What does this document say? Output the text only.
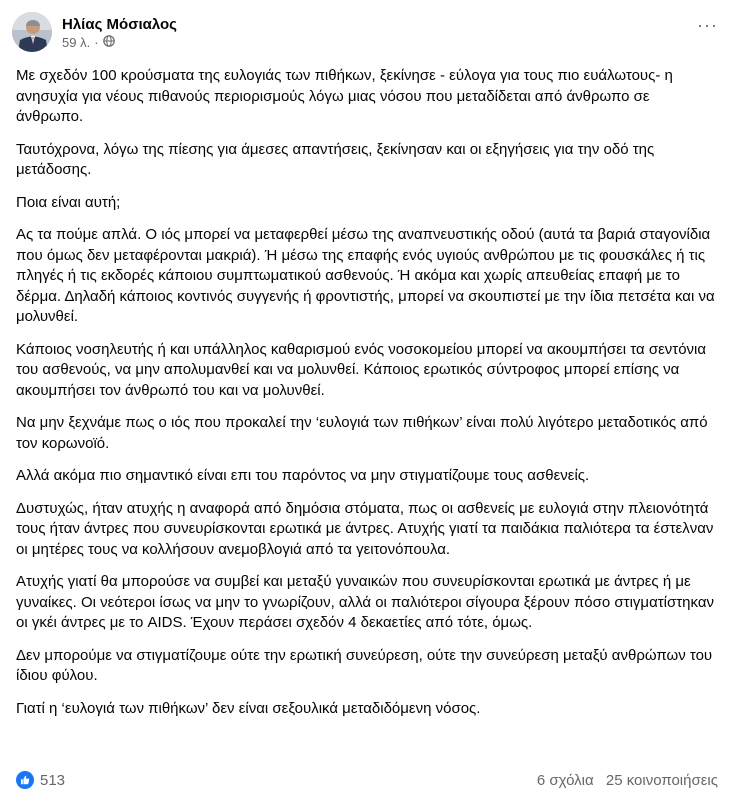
Ηλίας Μόσιαλος
59 λ. ·
···

Με σχεδόν 100 κρούσματα της ευλογιάς των πιθήκων, ξεκίνησε - εύλογα για τους πιο ευάλωτους- η ανησυχία για νέους πιθανούς περιορισμούς λόγω μιας νόσου που μεταδίδεται από άνθρωπο σε άνθρωπο.

Ταυτόχρονα, λόγω της πίεσης για άμεσες απαντήσεις, ξεκίνησαν και οι εξηγήσεις για την οδό της μετάδοσης.

Ποια είναι αυτή;

Ας τα πούμε απλά. Ο ιός μπορεί να μεταφερθεί μέσω της αναπνευστικής οδού (αυτά τα βαριά σταγονίδια που όμως δεν μεταφέρονται μακριά). Ή μέσω της επαφής ενός υγιούς ανθρώπου με τις φουσκάλες ή τις πληγές ή τις εκδορές κάποιου συμπτωματικού ασθενούς. Ή ακόμα και χωρίς απευθείας επαφή με το δέρμα. Δηλαδή κάποιος κοντινός συγγενής ή φροντιστής, μπορεί να σκουπιστεί με την ίδια πετσέτα και να μολυνθεί.

Κάποιος νοσηλευτής ή και υπάλληλος καθαρισμού ενός νοσοκομείου μπορεί να ακουμπήσει τα σεντόνια του ασθενούς, να μην απολυμανθεί και να μολυνθεί. Κάποιος ερωτικός σύντροφος μπορεί επίσης να ακουμπήσει τον άνθρωπό του και να μολυνθεί.

Να μην ξεχνάμε πως ο ιός που προκαλεί την ‘ευλογιά των πιθήκων’ είναι πολύ λιγότερο μεταδοτικός από τον κορωνοϊό.

Αλλά ακόμα πιο σημαντικό είναι επι του παρόντος να μην στιγματίζουμε τους ασθενείς.

Δυστυχώς, ήταν ατυχής η αναφορά από δημόσια στόματα, πως οι ασθενείς με ευλογιά στην πλειονότητά τους ήταν άντρες που συνευρίσκονται ερωτικά με άντρες. Ατυχής γιατί τα παιδάκια παλιότερα τα έστελναν οι μητέρες τους να κολλήσουν ανεμοβλογιά από τα γειτονόπουλα.

Ατυχής γιατί θα μπορούσε να συμβεί και μεταξύ γυναικών που συνευρίσκονται ερωτικά με άντρες ή με γυναίκες. Οι νεότεροι ίσως να μην το γνωρίζουν, αλλά οι παλιότεροι σίγουρα ξέρουν πόσο στιγματίστηκαν οι γκέι άντρες με το AIDS. Έχουν περάσει σχεδόν 4 δεκαετίες από τότε, όμως.

Δεν μπορούμε να στιγματίζουμε ούτε την ερωτική συνεύρεση, ούτε την συνεύρεση μεταξύ ανθρώπων του ίδιου φύλου.

Γιατί η ‘ευλογιά των πιθήκων’ δεν είναι σεξουλικά μεταδιδόμενη νόσος.

513	6 σχόλια 25 κοινοποιήσεις
